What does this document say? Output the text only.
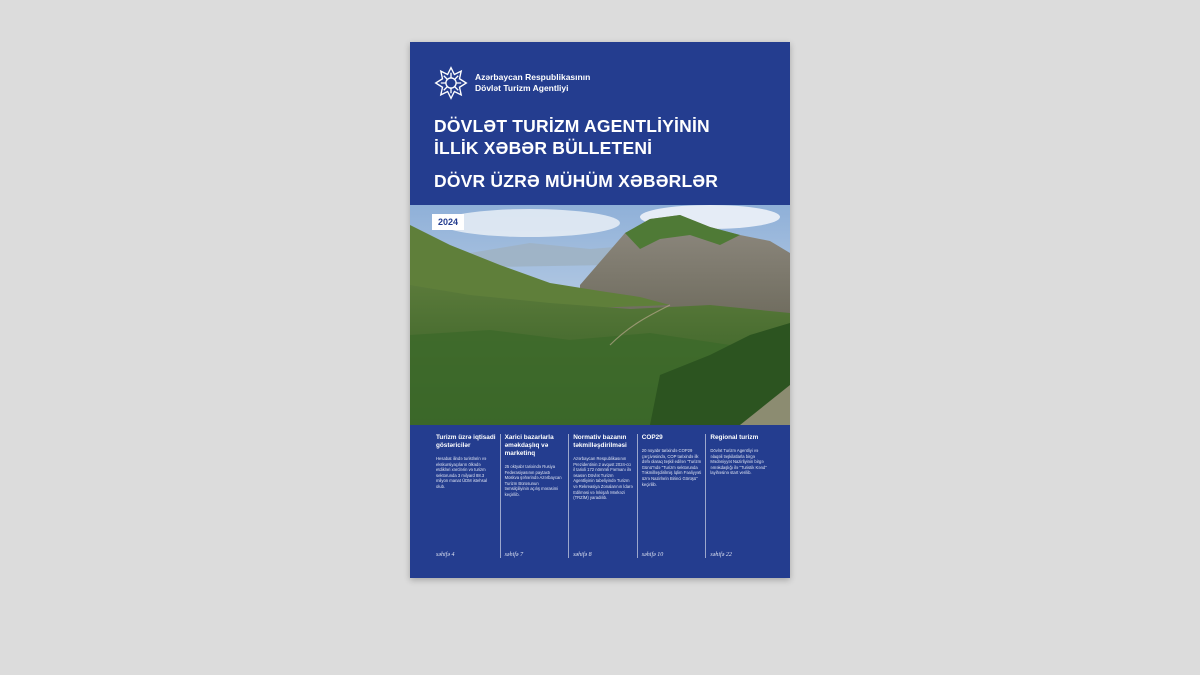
Azərbaycan Respublikasının
Dövlət Turizm Agentliyi
DÖVLƏT TURİZM AGENTLİYİNİN
İLLİK XƏBƏR BÜLLETENİ
DÖVR ÜZRƏ MÜHÜM XƏBƏRLƏR
2024
Turizm üzrə iqtisadi göstəricilər
Hesabat ilində turistlərin və ekskursiyaçıların ölkədə etdikləri xərclərin və turizm sektorunda 3 milyard 88.3 milyon manat ÜDM istehsal olub.
səhifə 4
Xarici bazarlarla əməkdaşlıq və marketinq
25 oktyabr tarixində Rusiya Federasiyasının paytaxtı Moskva şəhərində Azərbaycan Turizm Bürosunun təmsilçiliyinin açılış mərasimi keçirilib.
səhifə 7
Normativ bazanın təkmilləşdirilməsi
Azərbaycan Respublikasının Prezidentinin 2 avqust 2024-cü il tarixli 172 nömrəli Fərmanı ilə əsasən Dövlət Turizm Agentliyinin tabeliyində Turizm və Rekreasiya Zonalarının İdarə Edilməsi və İnkişafı Mərkəzi (TRZİM) yaradılıb.
səhifə 8
COP29
20 noyabr tarixində COP29 çərçivəsində, COP tarixində ilk dəfə olaraq təşkil edilən "Turizm Günü"ndə "Turizm sektorunda Təkmilləşdirilmiş İqlim Fəaliyyəti üzrə Nazirlərin Birinci Görüşü" keçirilib.
səhifə 10
Regional turizm
Dövlət Turizm Agentliyi və əlaqəli təşkilatlarla birgə Mədəniyyət Nazirliyinin birgə əməkdaşlığı ilə "Turistik Kənd" layihəsinə start verilib.
səhifə 22
